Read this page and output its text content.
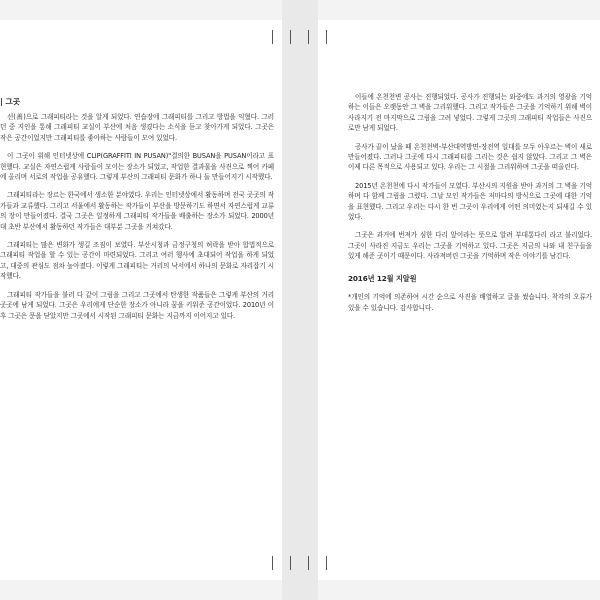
| 그곳

선(善)으로 그래피티라는 것을 알게 되었다. 연습장에 그래피티를 그리고 방법을 익혔다. 그러던 중 지인을 통해 그래피티 교실이 부산에 처음 생겼다는 소식을 듣고 찾아가게 되었다. 그곳은 작은 공간이었지만 그래피티를 좋아하는 사람들이 모여 있었다.

이 그곳이 위해 인터넷상에 CLIP(GRAFFITI IN PUSAN)"결의한 BUSAN을 PUSAN이라고 표현했다. 교실은 자연스럽게 사람들이 모이는 장소가 되었고, 작업한 결과물을 사진으로 찍어 카페에 올리며 서로의 작업을 공유했다. 그렇게 부산의 그래피티 문화가 하나 둘 만들어지기 시작했다.

그래피티라는 장르는 한국에서 생소한 분야였다. 우리는 인터넷상에서 활동하며 전국 곳곳의 작가들과 교류했다. 그리고 서울에서 활동하는 작가들이 부산을 방문하기도 하면서 자연스럽게 교류의 장이 만들어졌다. 결국 그곳은 일정하게 그래피티 작가들을 배출하는 장소가 되었다. 2000년대 초반 부산에서 활동하던 작가들은 대부분 그곳을 거쳐갔다.

그래피티는 많은 변화가 생길 조짐이 보였다. 부산시청과 금정구청의 허락을 받아 합법적으로 그래피티 작업을 할 수 있는 공간이 마련되었다. 그리고 여러 행사에 초대되어 작업을 하게 되었고, 대중의 관심도 점차 높아졌다. 이렇게 그래피티는 거리의 낙서에서 하나의 문화로 자리잡기 시작했다.

그래피티 작가들을 불러 다 같이 그림을 그리고 그곳에서 탄생한 작품들은 그렇게 부산의 거리 곳곳에 남게 되었다. 그곳은 우리에게 단순한 장소가 아니라 꿈을 키워준 공간이었다. 2010년 이후 그곳은 문을 닫았지만 그곳에서 시작된 그래피티 문화는 지금까지 이어지고 있다.

이들에 온천천변 공사는 진행되었다. 공사가 진행되는 와중에도 과거의 영광을 기억하는 이들은 오랫동안 그 벽을 그리워했다. 그리고 작가들은 그곳을 기억하기 위해 벽이 사라지기 전 마지막으로 그림을 그려 넣었다. 그렇게 그곳의 그래피티 작업들은 사진으로만 남게 되었다.

공사가 끝이 났을 때 온천천벽-부산대역방면-장전역 일대를 모두 아우르는 벽이 새로 만들어졌다. 그러나 그곳에 다시 그래피티를 그리는 것은 쉽지 않았다. 그리고 그 벽은 이제 다른 목적으로 사용되고 있다. 우리는 그 시절을 그리워하며 그곳을 떠올린다.

2015년 온천천에 다시 작가들이 모였다. 부산시의 지원을 받아 과거의 그 벽을 기억하며 다 함께 그림을 그렸다. 그날 모인 작가들은 저마다의 방식으로 그곳에 대한 기억을 표현했다. 그리고 우리는 다시 한 번 그곳이 우리에게 어떤 의미였는지 되새길 수 있었다.

그곳은 과거에 번져가 심한 다리 앞이라는 뜻으로 알려 부대통다리 라고 불리었다. 그곳이 사라진 지금도 우리는 그곳을 기억하고 있다. 그곳은 지금의 나와 내 친구들을 있게 해준 곳이기 때문이다. 사라져버린 그곳을 기억하며 작은 이야기를 남긴다.

2016년 12월 지알원
*개인의 기억에 의존하여 시간 순으로 사진을 배열하고 글을 썼습니다. 착각의 오류가 있을 수 있습니다. 감사합니다.
